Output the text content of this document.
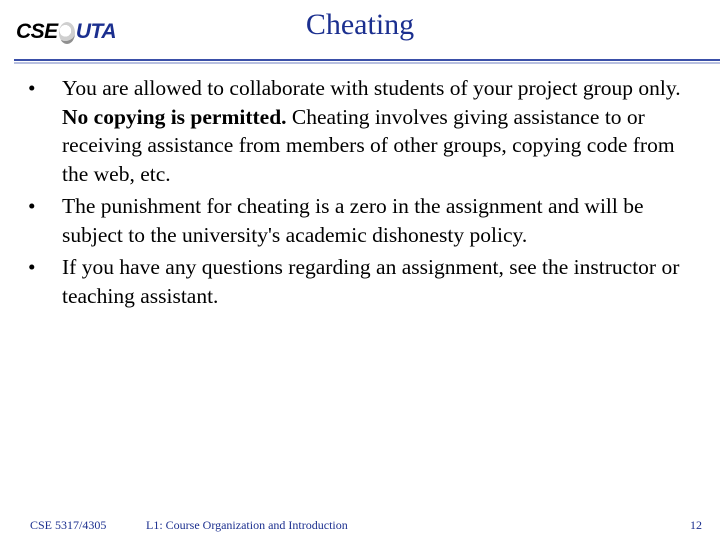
CSE UTA	Cheating
• You are allowed to collaborate with students of your project group only. No copying is permitted. Cheating involves giving assistance to or receiving assistance from members of other groups, copying code from the web, etc.
• The punishment for cheating is a zero in the assignment and will be subject to the university's academic dishonesty policy.
• If you have any questions regarding an assignment, see the instructor or teaching assistant.
CSE 5317/4305	L1: Course Organization and Introduction	12
